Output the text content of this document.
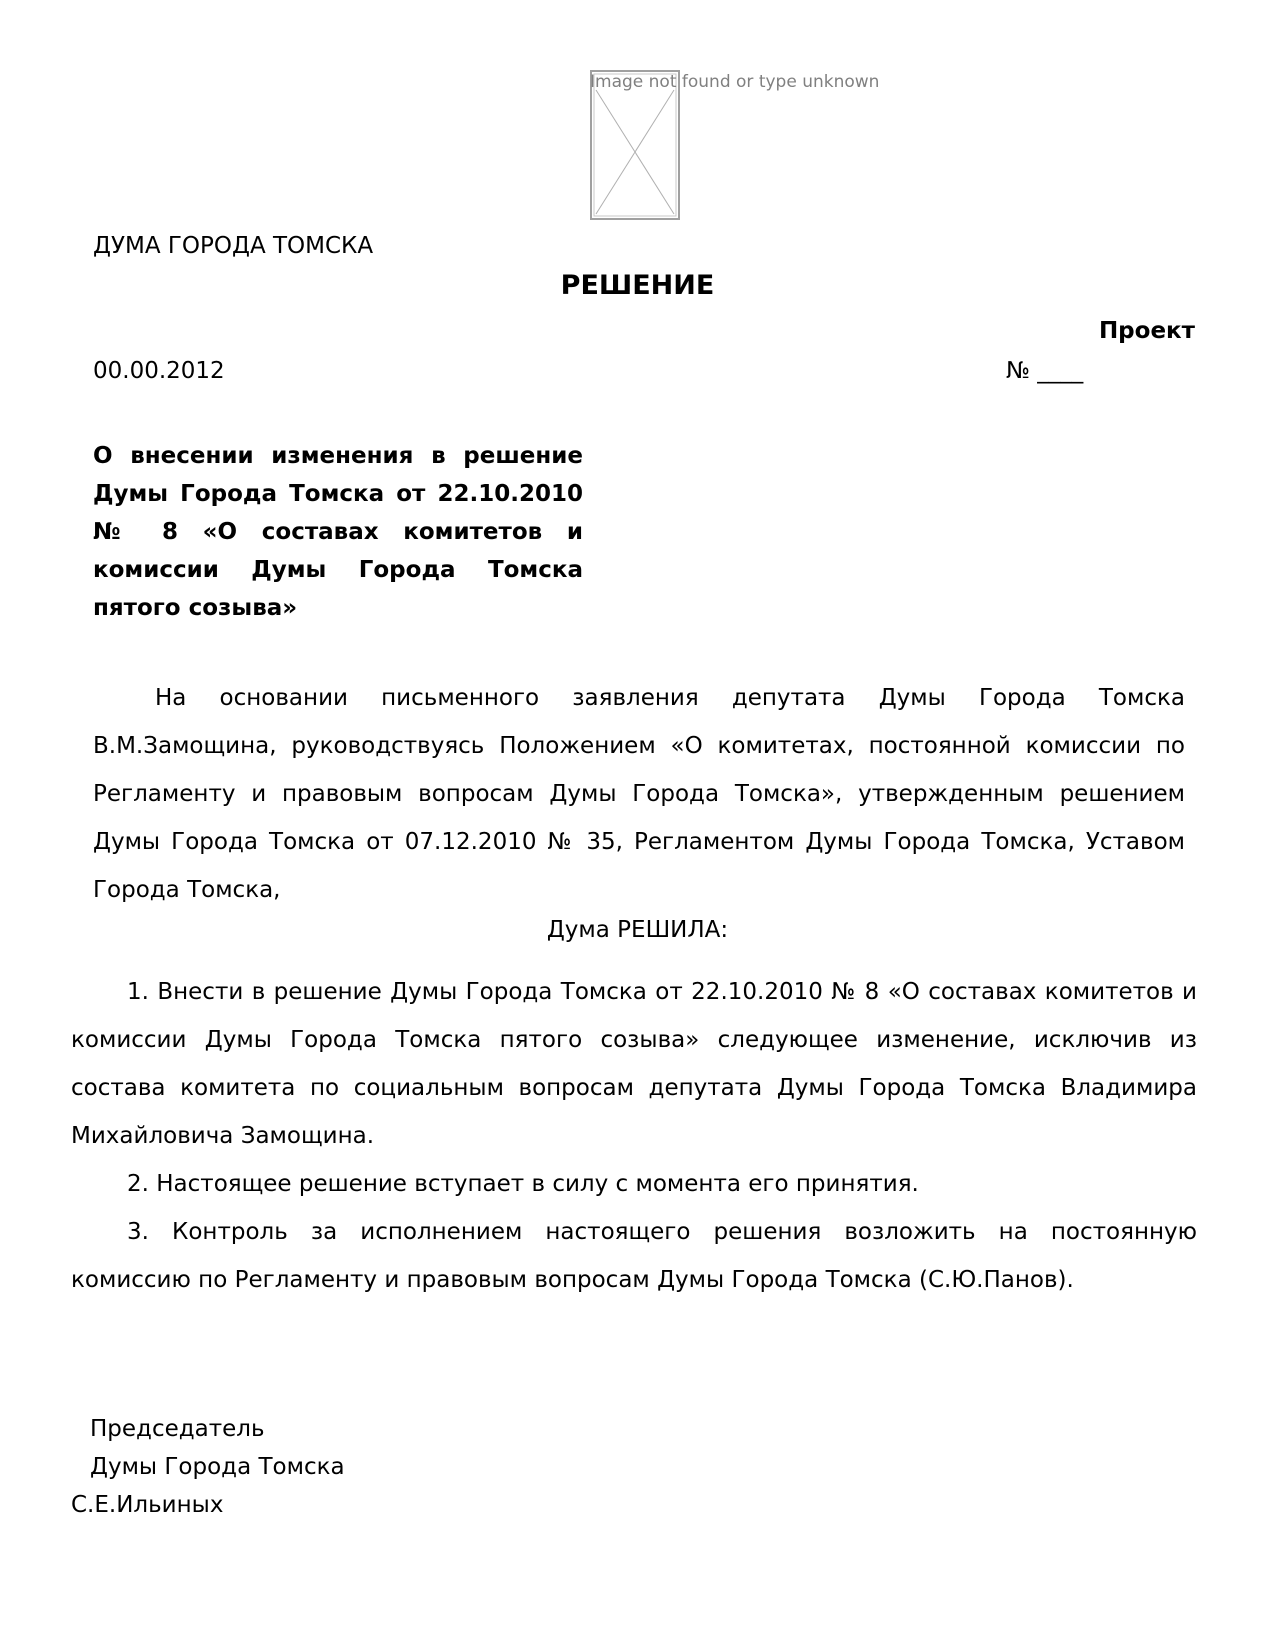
Image not found or type unknown
ДУМА ГОРОДА ТОМСКА
РЕШЕНИЕ
Проект
00.00.2012	№ ____
О внесении изменения в решение Думы Города Томска от 22.10.2010 № 8 «О составах комитетов и комиссии Думы Города Томска пятого созыва»
На основании письменного заявления депутата Думы Города Томска В.М.Замощина, руководствуясь Положением «О комитетах, постоянной комиссии по Регламенту и правовым вопросам Думы Города Томска», утвержденным решением Думы Города Томска от 07.12.2010 № 35, Регламентом Думы Города Томска, Уставом Города Томска,
Дума РЕШИЛА:

1. Внести в решение Думы Города Томска от 22.10.2010 № 8 «О составах комитетов и комиссии Думы Города Томска пятого созыва» следующее изменение, исключив из состава комитета по социальным вопросам депутата Думы Города Томска Владимира Михайловича Замощина.

2. Настоящее решение вступает в силу с момента его принятия.

3. Контроль за исполнением настоящего решения возложить на постоянную комиссию по Регламенту и правовым вопросам Думы Города Томска (С.Ю.Панов).

Председатель
Думы Города Томска
С.Е.Ильиных
